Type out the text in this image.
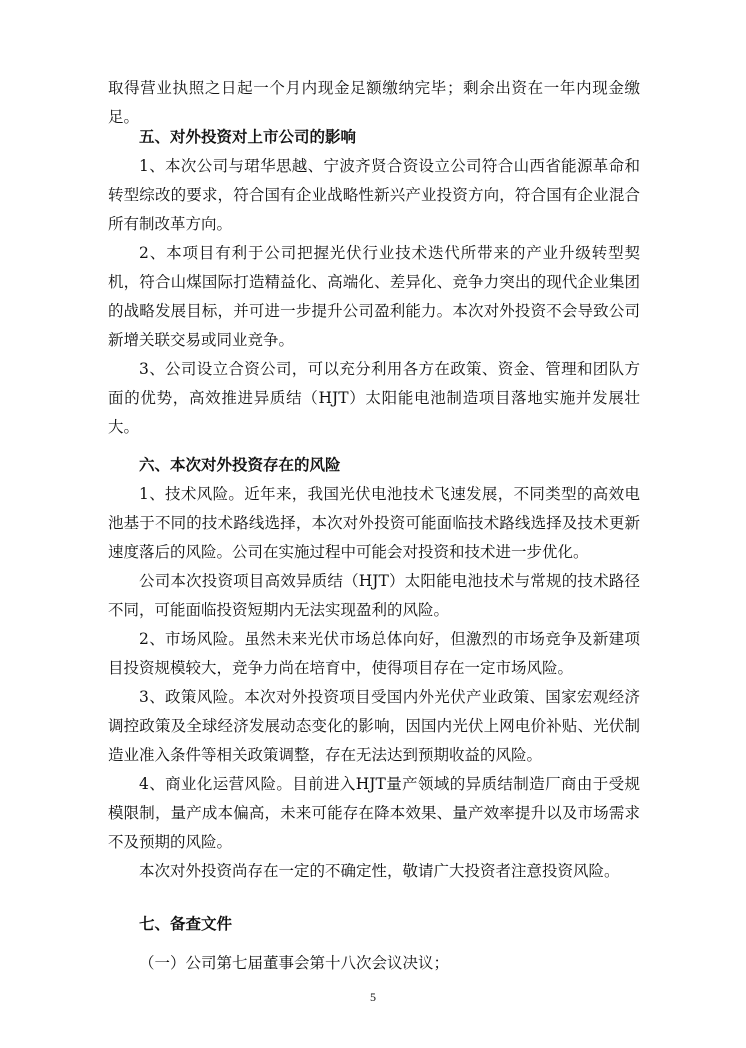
取得营业执照之日起一个月内现金足额缴纳完毕；剩余出资在一年内现金缴足。

五、对外投资对上市公司的影响

1、本次公司与珺华思越、宁波齐贤合资设立公司符合山西省能源革命和转型综改的要求，符合国有企业战略性新兴产业投资方向，符合国有企业混合所有制改革方向。

2、本项目有利于公司把握光伏行业技术迭代所带来的产业升级转型契机，符合山煤国际打造精益化、高端化、差异化、竞争力突出的现代企业集团的战略发展目标，并可进一步提升公司盈利能力。本次对外投资不会导致公司新增关联交易或同业竞争。

3、公司设立合资公司，可以充分利用各方在政策、资金、管理和团队方面的优势，高效推进异质结（HJT）太阳能电池制造项目落地实施并发展壮大。

六、本次对外投资存在的风险

1、技术风险。近年来，我国光伏电池技术飞速发展，不同类型的高效电池基于不同的技术路线选择，本次对外投资可能面临技术路线选择及技术更新速度落后的风险。公司在实施过程中可能会对投资和技术进一步优化。

公司本次投资项目高效异质结（HJT）太阳能电池技术与常规的技术路径不同，可能面临投资短期内无法实现盈利的风险。

2、市场风险。虽然未来光伏市场总体向好，但激烈的市场竞争及新建项目投资规模较大，竞争力尚在培育中，使得项目存在一定市场风险。

3、政策风险。本次对外投资项目受国内外光伏产业政策、国家宏观经济调控政策及全球经济发展动态变化的影响，因国内光伏上网电价补贴、光伏制造业准入条件等相关政策调整，存在无法达到预期收益的风险。

4、商业化运营风险。目前进入HJT量产领域的异质结制造厂商由于受规模限制，量产成本偏高，未来可能存在降本效果、量产效率提升以及市场需求不及预期的风险。

本次对外投资尚存在一定的不确定性，敬请广大投资者注意投资风险。

七、备查文件

（一）公司第七届董事会第十八次会议决议；

5
